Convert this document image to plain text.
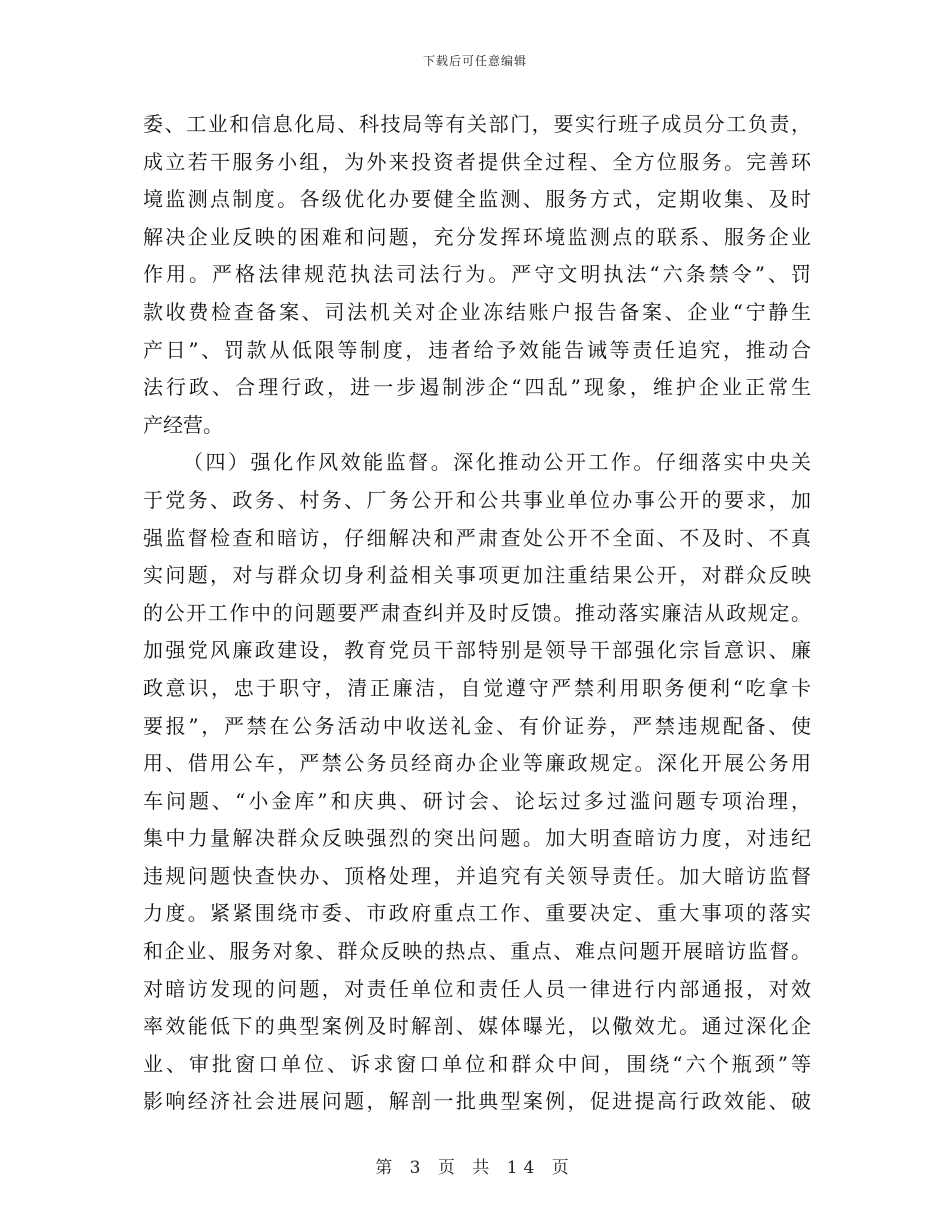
下载后可任意编辑
委、工业和信息化局、科技局等有关部门，要实行班子成员分工负责，
成立若干服务小组，为外来投资者提供全过程、全方位服务。完善环
境监测点制度。各级优化办要健全监测、服务方式，定期收集、及时
解决企业反映的困难和问题，充分发挥环境监测点的联系、服务企业
作用。严格法律规范执法司法行为。严守文明执法“六条禁令”、罚
款收费检查备案、司法机关对企业冻结账户报告备案、企业“宁静生
产日”、罚款从低限等制度，违者给予效能告诫等责任追究，推动合
法行政、合理行政，进一步遏制涉企“四乱”现象，维护企业正常生
产经营。
（四）强化作风效能监督。深化推动公开工作。仔细落实中央关
于党务、政务、村务、厂务公开和公共事业单位办事公开的要求，加
强监督检查和暗访，仔细解决和严肃查处公开不全面、不及时、不真
实问题，对与群众切身利益相关事项更加注重结果公开，对群众反映
的公开工作中的问题要严肃查纠并及时反馈。推动落实廉洁从政规定。
加强党风廉政建设，教育党员干部特别是领导干部强化宗旨意识、廉
政意识，忠于职守，清正廉洁，自觉遵守严禁利用职务便利“吃拿卡
要报”，严禁在公务活动中收送礼金、有价证券，严禁违规配备、使
用、借用公车，严禁公务员经商办企业等廉政规定。深化开展公务用
车问题、“小金库”和庆典、研讨会、论坛过多过滥问题专项治理，
集中力量解决群众反映强烈的突出问题。加大明查暗访力度，对违纪
违规问题快查快办、顶格处理，并追究有关领导责任。加大暗访监督
力度。紧紧围绕市委、市政府重点工作、重要决定、重大事项的落实
和企业、服务对象、群众反映的热点、重点、难点问题开展暗访监督。
对暗访发现的问题，对责任单位和责任人员一律进行内部通报，对效
率效能低下的典型案例及时解剖、媒体曝光，以儆效尤。通过深化企
业、审批窗口单位、诉求窗口单位和群众中间，围绕“六个瓶颈”等
影响经济社会进展问题，解剖一批典型案例，促进提高行政效能、破
第 3 页 共 14 页
